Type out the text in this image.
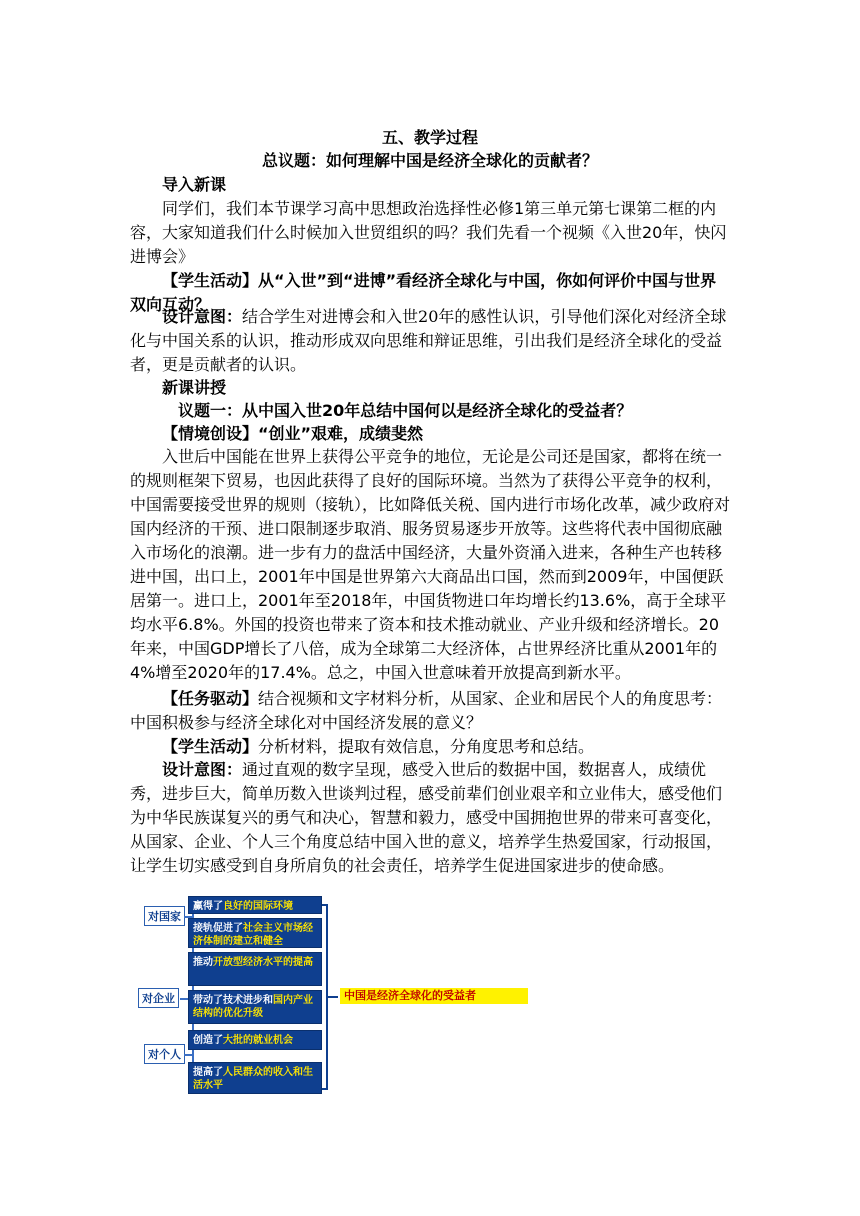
五、教学过程
总议题：如何理解中国是经济全球化的贡献者？
导入新课

同学们，我们本节课学习高中思想政治选择性必修1第三单元第七课第二框的内容，大家知道我们什么时候加入世贸组织的吗？我们先看一个视频《入世20年，快闪进博会》

【学生活动】从“入世”到“进博”看经济全球化与中国，你如何评价中国与世界双向互动？

设计意图：结合学生对进博会和入世20年的感性认识，引导他们深化对经济全球化与中国关系的认识，推动形成双向思维和辩证思维，引出我们是经济全球化的受益者，更是贡献者的认识。

新课讲授
议题一：从中国入世20年总结中国何以是经济全球化的受益者？

【情境创设】“创业”艰难，成绩斐然

入世后中国能在世界上获得公平竞争的地位，无论是公司还是国家，都将在统一的规则框架下贸易，也因此获得了良好的国际环境。当然为了获得公平竞争的权利，中国需要接受世界的规则（接轨），比如降低关税、国内进行市场化改革，减少政府对国内经济的干预、进口限制逐步取消、服务贸易逐步开放等。这些将代表中国彻底融入市场化的浪潮。进一步有力的盘活中国经济，大量外资涌入进来，各种生产也转移进中国，出口上，2001年中国是世界第六大商品出口国，然而到2009年，中国便跃居第一。进口上，2001年至2018年，中国货物进口年均增长约13.6%，高于全球平均水平6.8%。外国的投资也带来了资本和技术推动就业、产业升级和经济增长。20年来，中国GDP增长了八倍，成为全球第二大经济体，占世界经济比重从2001年的4%增至2020年的17.4%。总之，中国入世意味着开放提高到新水平。

【任务驱动】结合视频和文字材料分析，从国家、企业和居民个人的角度思考：中国积极参与经济全球化对中国经济发展的意义？

【学生活动】分析材料，提取有效信息，分角度思考和总结。

设计意图：通过直观的数字呈现，感受入世后的数据中国，数据喜人，成绩优秀，进步巨大，简单历数入世谈判过程，感受前辈们创业艰辛和立业伟大，感受他们为中华民族谋复兴的勇气和决心，智慧和毅力，感受中国拥抱世界的带来可喜变化，从国家、企业、个人三个角度总结中国入世的意义，培养学生热爱国家，行动报国，让学生切实感受到自身所肩负的社会责任，培养学生促进国家进步的使命感。

对国家
对企业
对个人
赢得了良好的国际环境
接轨促进了社会主义市场经济体制的建立和健全
推动开放型经济水平的提高
带动了技术进步和国内产业结构的优化升级
创造了大批的就业机会
提高了人民群众的收入和生活水平
中国是经济全球化的受益者
